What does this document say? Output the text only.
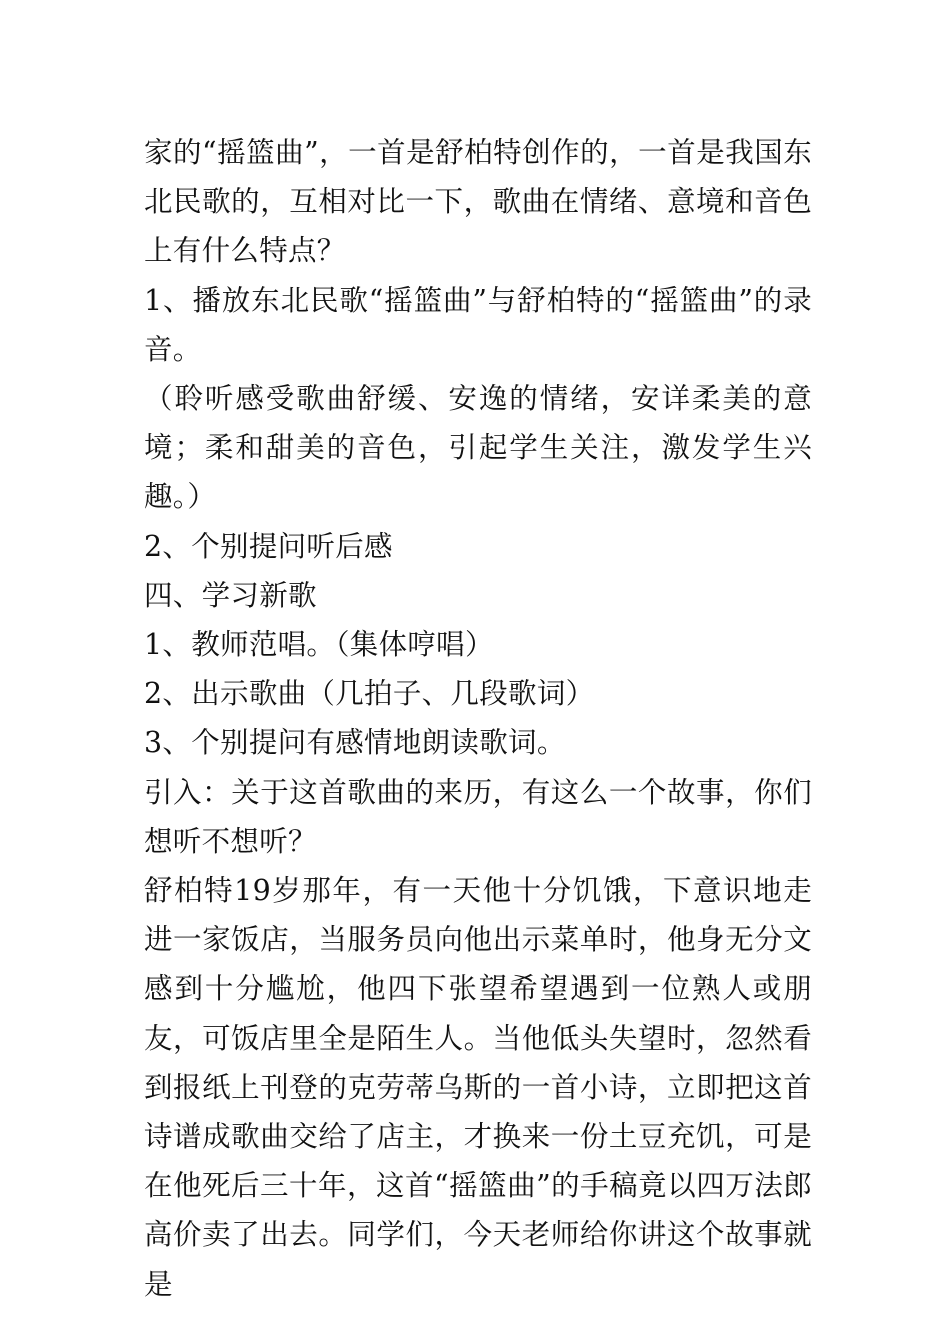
家的“摇篮曲”，一首是舒柏特创作的，一首是我国东北民歌的，互相对比一下，歌曲在情绪、意境和音色上有什么特点？

1、播放东北民歌“摇篮曲”与舒柏特的“摇篮曲”的录音。

（聆听感受歌曲舒缓、安逸的情绪，安详柔美的意境；柔和甜美的音色，引起学生关注，激发学生兴趣。）

2、个别提问听后感

四、学习新歌

1、教师范唱。（集体哼唱）

2、出示歌曲（几拍子、几段歌词）

3、个别提问有感情地朗读歌词。

引入：关于这首歌曲的来历，有这么一个故事，你们想听不想听？

舒柏特19岁那年，有一天他十分饥饿，下意识地走进一家饭店，当服务员向他出示菜单时，他身无分文感到十分尴尬，他四下张望希望遇到一位熟人或朋友，可饭店里全是陌生人。当他低头失望时，忽然看到报纸上刊登的克劳蒂乌斯的一首小诗，立即把这首诗谱成歌曲交给了店主，才换来一份土豆充饥，可是在他死后三十年，这首“摇篮曲”的手稿竟以四万法郎高价卖了出去。同学们，今天老师给你讲这个故事就是
